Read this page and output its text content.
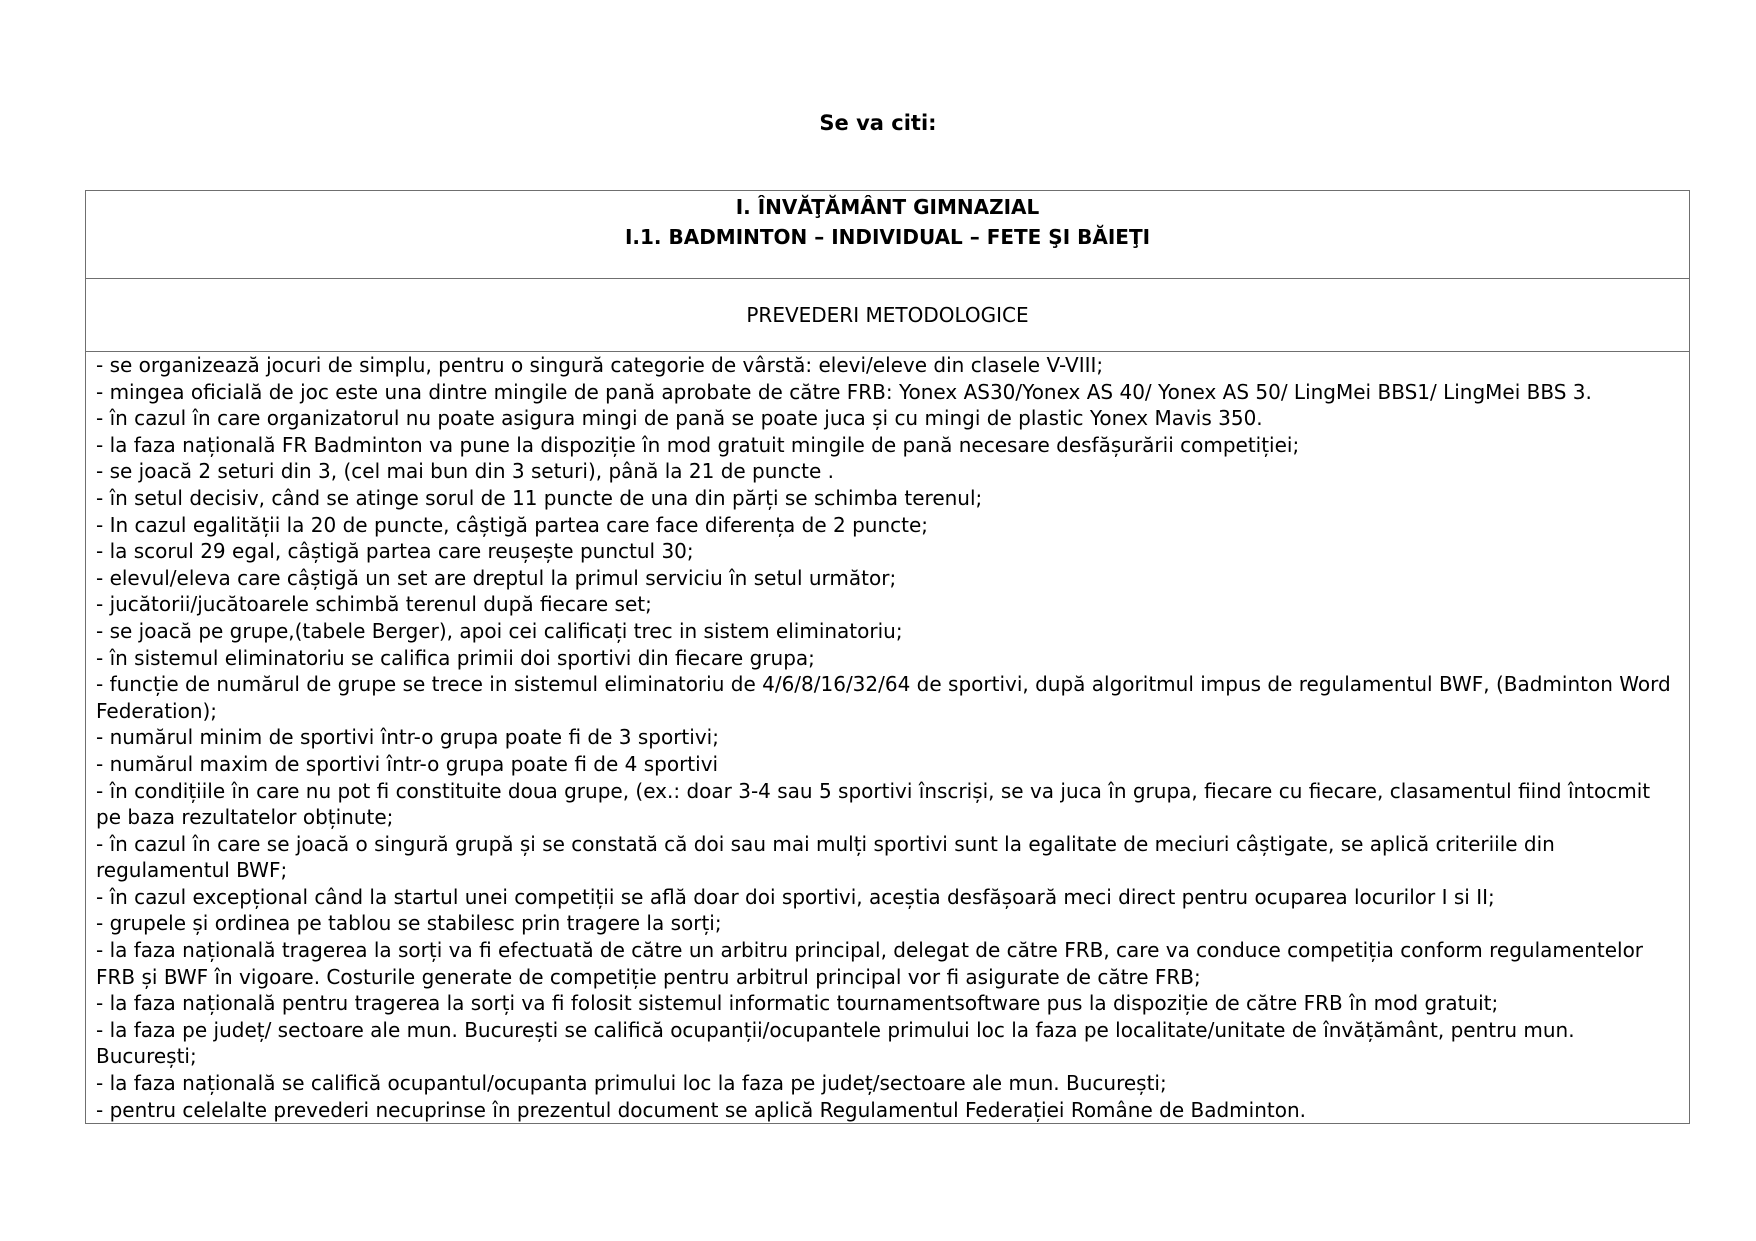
Se va citi:
I. ÎNVĂŢĂMÂNT GIMNAZIAL
I.1. BADMINTON – INDIVIDUAL – FETE ŞI BĂIEŢI

PREVEDERI METODOLOGICE

- se organizează jocuri de simplu, pentru o singură categorie de vârstă: elevi/eleve din clasele V-VIII;
- mingea oficială de joc este una dintre mingile de pană aprobate de către FRB: Yonex AS30/Yonex AS 40/ Yonex AS 50/ LingMei BBS1/ LingMei BBS 3.
- în cazul în care organizatorul nu poate asigura mingi de pană se poate juca și cu mingi de plastic Yonex Mavis 350.
- la faza națională FR Badminton va pune la dispoziție în mod gratuit mingile de pană necesare desfășurării competiției;
- se joacă 2 seturi din 3, (cel mai bun din 3 seturi), până la 21 de puncte .
- în setul decisiv, când se atinge sorul de 11 puncte de una din părți se schimba terenul;
- In cazul egalității la 20 de puncte, câștigă partea care face diferența de 2 puncte;
- la scorul 29 egal, câștigă partea care reușește punctul 30;
- elevul/eleva care câștigă un set are dreptul la primul serviciu în setul următor;
- jucătorii/jucătoarele schimbă terenul după fiecare set;
- se joacă pe grupe,(tabele Berger), apoi cei calificați trec in sistem eliminatoriu;
- în sistemul eliminatoriu se califica primii doi sportivi din fiecare grupa;
- funcție de numărul de grupe se trece in sistemul eliminatoriu de 4/6/8/16/32/64 de sportivi, după algoritmul impus de regulamentul BWF, (Badminton Word Federation);
- numărul minim de sportivi într-o grupa poate fi de 3 sportivi;
- numărul maxim de sportivi într-o grupa poate fi de 4 sportivi
- în condițiile în care nu pot fi constituite doua grupe, (ex.: doar 3-4 sau 5 sportivi înscriși, se va juca în grupa, fiecare cu fiecare, clasamentul fiind întocmit pe baza rezultatelor obținute;
- în cazul în care se joacă o singură grupă și se constată că doi sau mai mulți sportivi sunt la egalitate de meciuri câștigate, se aplică criteriile din regulamentul BWF;
- în cazul excepțional când la startul unei competiții se află doar doi sportivi, aceștia desfășoară meci direct pentru ocuparea locurilor I si II;
- grupele și ordinea pe tablou se stabilesc prin tragere la sorți;
- la faza națională tragerea la sorți va fi efectuată de către un arbitru principal, delegat de către FRB, care va conduce competiția conform regulamentelor FRB și BWF în vigoare. Costurile generate de competiție pentru arbitrul principal vor fi asigurate de către FRB;
- la faza națională pentru tragerea la sorți va fi folosit sistemul informatic tournamentsoftware pus la dispoziție de către FRB în mod gratuit;
- la faza pe județ/ sectoare ale mun. București se califică ocupanții/ocupantele primului loc la faza pe localitate/unitate de învățământ, pentru mun. București;
- la faza națională se califică ocupantul/ocupanta primului loc la faza pe județ/sectoare ale mun. București;
- pentru celelalte prevederi necuprinse în prezentul document se aplică Regulamentul Federației Române de Badminton.
